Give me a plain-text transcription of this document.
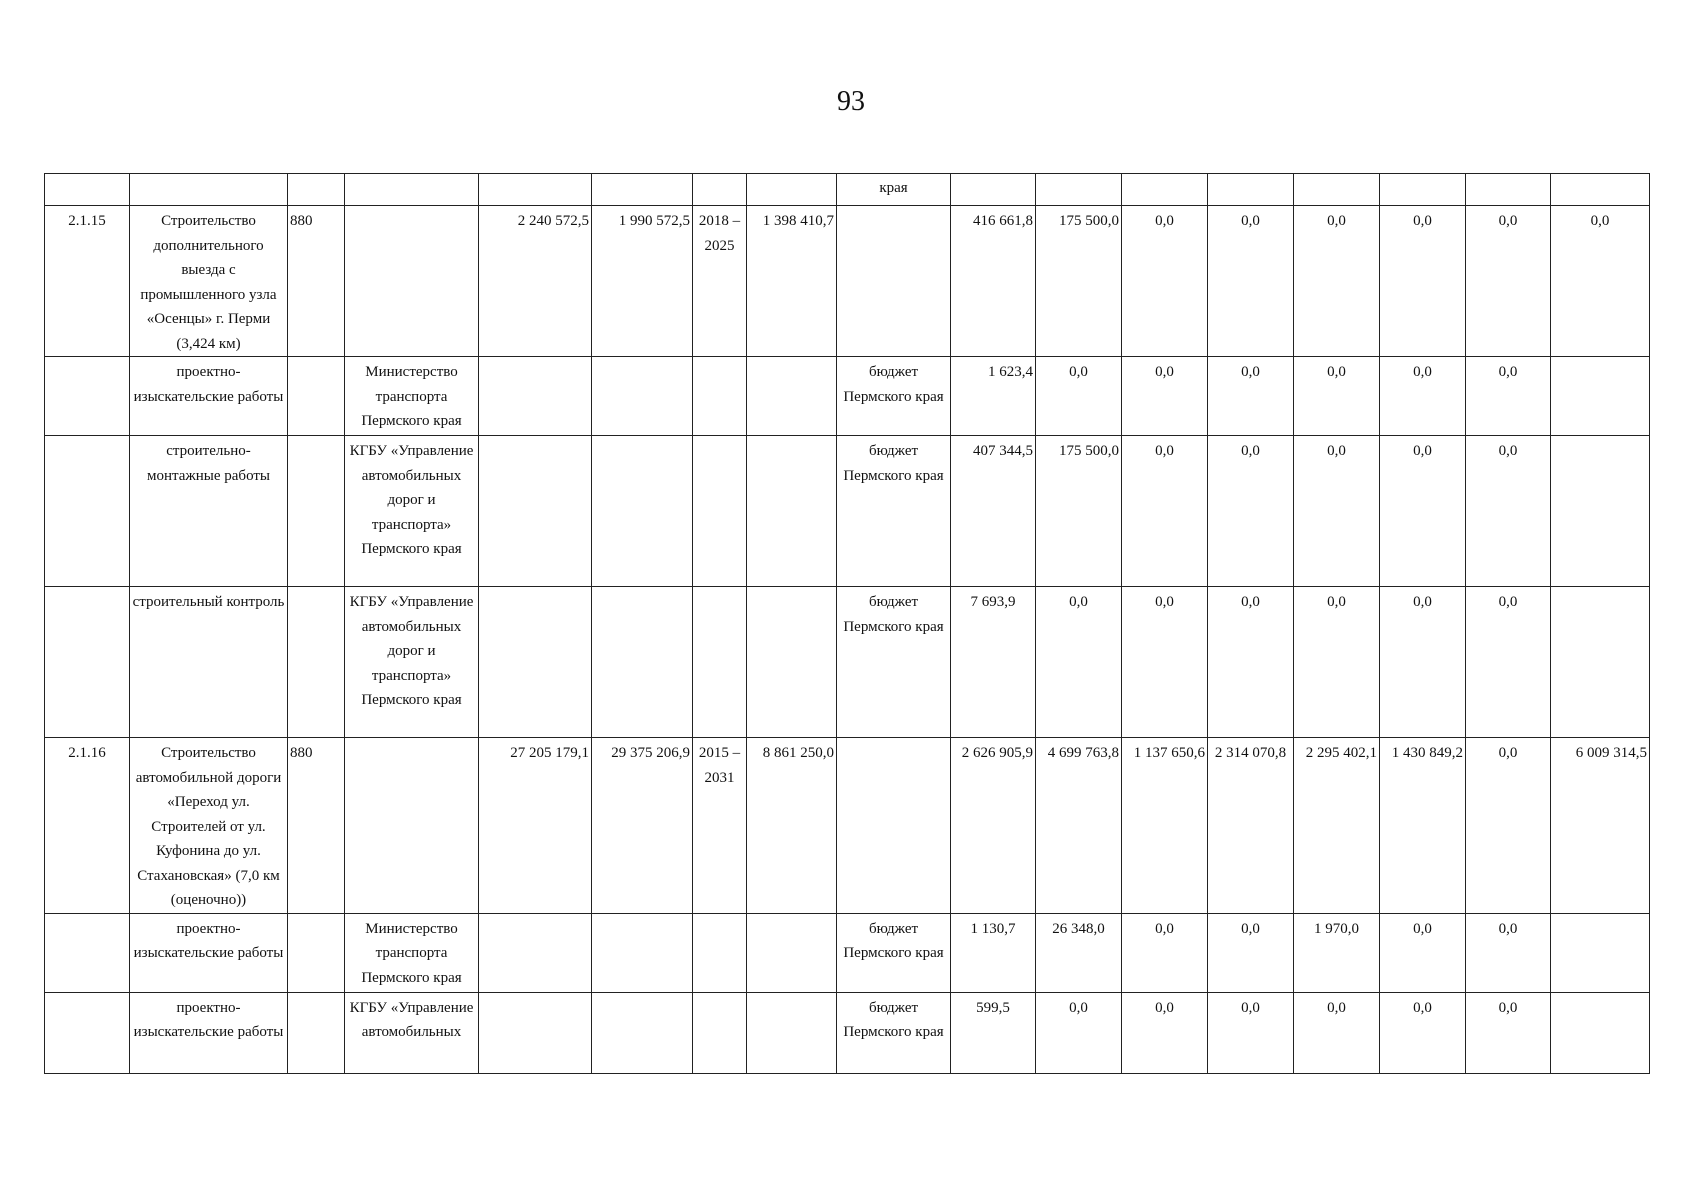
93
								края								
2.1.15	Строительство дополнительного выезда с промышленного узла «Осенцы» г. Перми (3,424 км)	880		2 240 572,5	1 990 572,5	2018 – 2025	1 398 410,7		416 661,8	175 500,0	0,0	0,0	0,0	0,0	0,0	0,0
	проектно-изыскательские работы		Министерство транспорта Пермского края					бюджет Пермского края	1 623,4	0,0	0,0	0,0	0,0	0,0	0,0	
	строительно-монтажные работы		КГБУ «Управление автомобильных дорог и транспорта» Пермского края					бюджет Пермского края	407 344,5	175 500,0	0,0	0,0	0,0	0,0	0,0	
	строительный контроль		КГБУ «Управление автомобильных дорог и транспорта» Пермского края					бюджет Пермского края	7 693,9	0,0	0,0	0,0	0,0	0,0	0,0	
2.1.16	Строительство автомобильной дороги «Переход ул. Строителей от ул. Куфонина до ул. Стахановская» (7,0 км (оценочно))	880		27 205 179,1	29 375 206,9	2015 – 2031	8 861 250,0		2 626 905,9	4 699 763,8	1 137 650,6	2 314 070,8	2 295 402,1	1 430 849,2	0,0	6 009 314,5
	проектно-изыскательские работы		Министерство транспорта Пермского края					бюджет Пермского края	1 130,7	26 348,0	0,0	0,0	1 970,0	0,0	0,0	
	проектно-изыскательские работы		КГБУ «Управление автомобильных					бюджет Пермского края	599,5	0,0	0,0	0,0	0,0	0,0	0,0	
